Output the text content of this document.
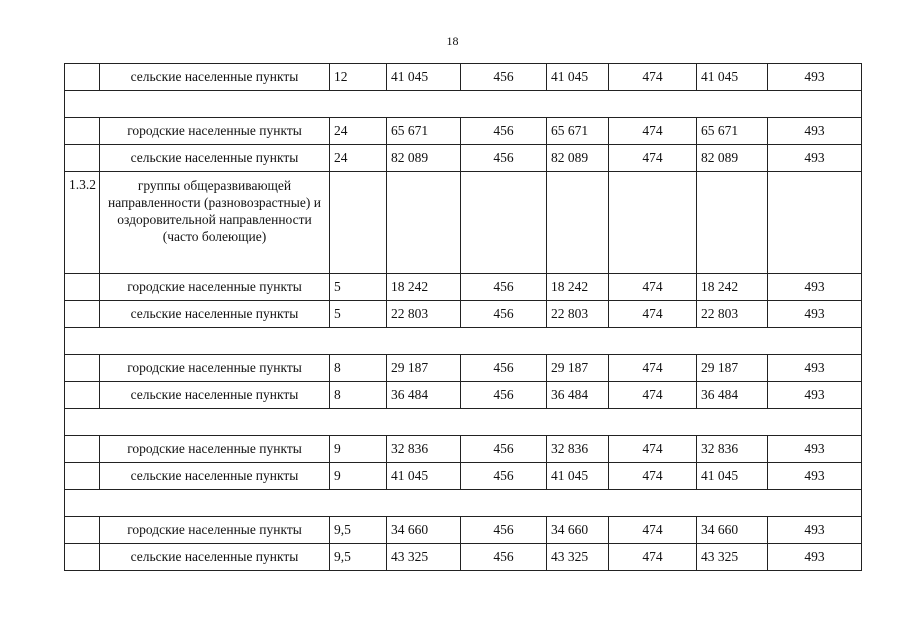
18
	сельские населенные пункты	12	41 045	456	41 045	474	41 045	493

	городские населенные пункты	24	65 671	456	65 671	474	65 671	493
	сельские населенные пункты	24	82 089	456	82 089	474	82 089	493
1.3.2	группы общеразвивающей направленности (разновозрастные) и оздоровительной направленности (часто болеющие)							
	городские населенные пункты	5	18 242	456	18 242	474	18 242	493
	сельские населенные пункты	5	22 803	456	22 803	474	22 803	493

	городские населенные пункты	8	29 187	456	29 187	474	29 187	493
	сельские населенные пункты	8	36 484	456	36 484	474	36 484	493

	городские населенные пункты	9	32 836	456	32 836	474	32 836	493
	сельские населенные пункты	9	41 045	456	41 045	474	41 045	493

	городские населенные пункты	9,5	34 660	456	34 660	474	34 660	493
	сельские населенные пункты	9,5	43 325	456	43 325	474	43 325	493
